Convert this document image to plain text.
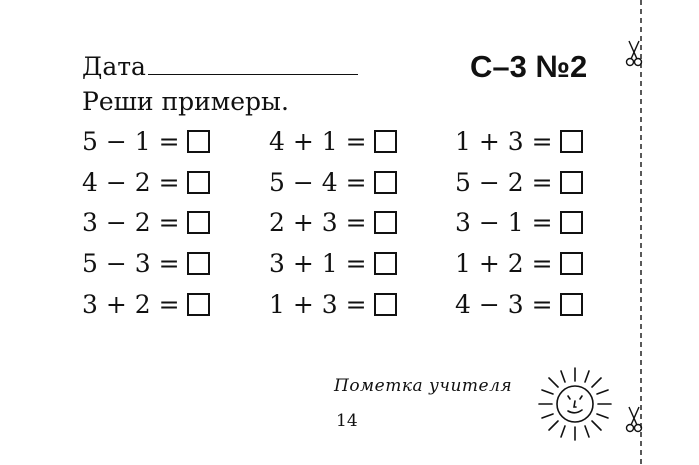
Дата	С–3 №2
Реши примеры.
5 − 1 =	4 + 1 =	1 + 3 =
4 − 2 =	5 − 4 =	5 − 2 =
3 − 2 =	2 + 3 =	3 − 1 =
5 − 3 =	3 + 1 =	1 + 2 =
3 + 2 =	1 + 3 =	4 − 3 =
Пометка учителя
14
